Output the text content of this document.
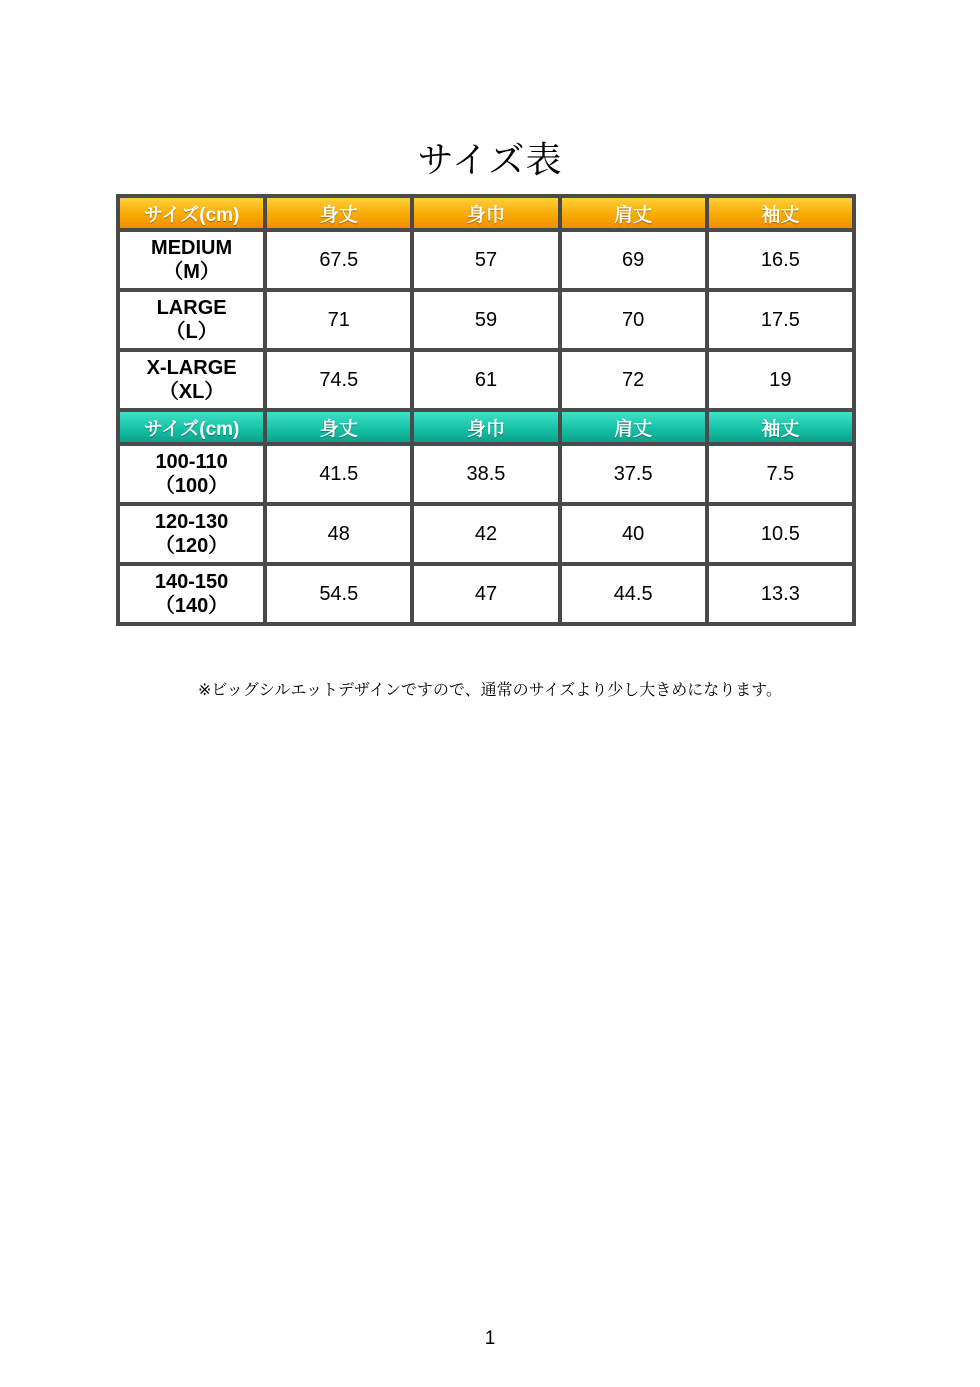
サイズ表
サイズ(cm)	身丈	身巾	肩丈	袖丈
MEDIUM
（M）	67.5	57	69	16.5
LARGE
（L）	71	59	70	17.5
X-LARGE
（XL）	74.5	61	72	19
サイズ(cm)	身丈	身巾	肩丈	袖丈
100-110
（100）	41.5	38.5	37.5	7.5
120-130
（120）	48	42	40	10.5
140-150
（140）	54.5	47	44.5	13.3
※ビッグシルエットデザインですので、通常のサイズより少し大きめになります。
1
